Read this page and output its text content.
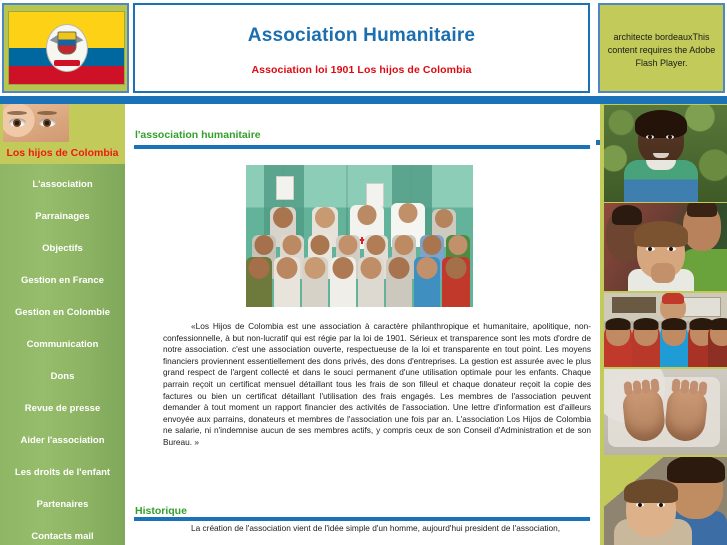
Association Humanitaire
Association loi 1901 Los hijos de Colombia
architecte bordeauxThis content requires the Adobe Flash Player.
Los hijos de Colombia
L'association
Parrainages
Objectifs
Gestion en France
Gestion en Colombie
Communication
Dons
Revue de presse
Aider l'association
Les droits de l'enfant
Partenaires
Contacts mail
l'association humanitaire
«Los Hijos de Colombia est une association à caractère philanthropique et humanitaire, apolitique, non-confessionnelle, à but non-lucratif qui est régie par la loi de 1901. Sérieux et transparence sont les mots d'ordre de notre association. c'est une association ouverte, respectueuse de la loi et transparente en tout point. Les moyens financiers proviennent essentiellement des dons privés, des dons d'entreprises. La gestion est assurée avec le plus grand respect de l'argent collecté et dans le souci permanent d'une utilisation optimale pour les enfants. Chaque parrain reçoit un certificat mensuel détaillant tous les frais de son filleul et chaque donateur reçoit la copie des factures ou bien un certificat détaillant l'utilisation des frais engagés. Les membres de l'association peuvent demander à tout moment un rapport financier des activités de l'association. Une lettre d'information est d'ailleurs envoyée aux parrains, donateurs et membres de l'association une fois par an. L'association Los Hijos de Colombia ne salarie, ni n'indemnise aucun de ses membres actifs, y compris ceux de son Conseil d'Administration et de son Bureau. »
Historique
La création de l'association vient de l'idée simple d'un homme, aujourd'hui president de l'association,
